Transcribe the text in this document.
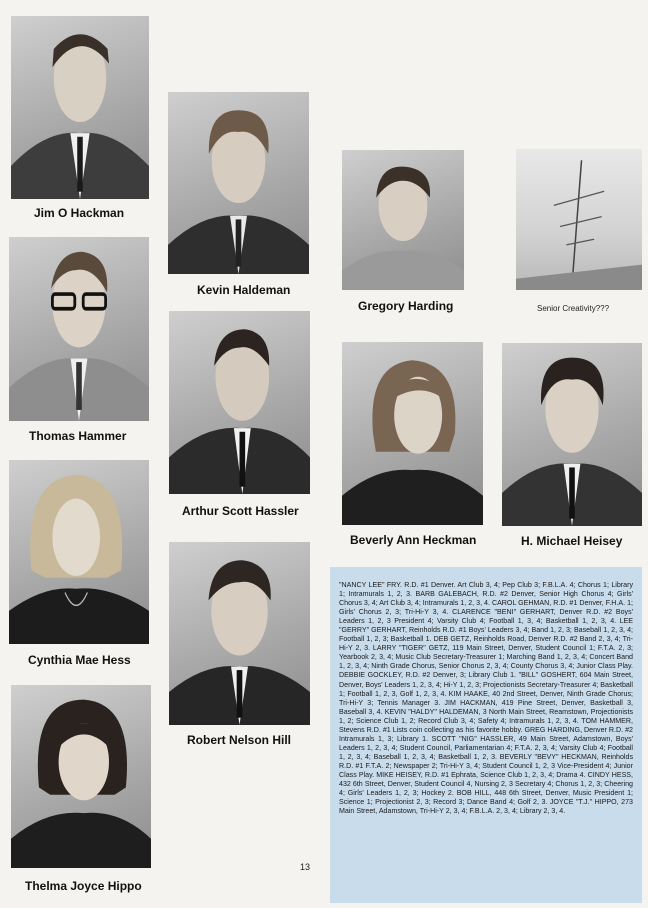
Jim O Hackman
Kevin Haldeman
Gregory Harding	Senior Creativity???
Thomas Hammer
Arthur Scott Hassler
Beverly Ann Heckman	H. Michael Heisey
Cynthia Mae Hess
Robert Nelson Hill
Thelma Joyce Hippo
13

"NANCY LEE" FRY. R.D. #1 Denver. Art Club 3, 4; Pep Club 3; F.B.L.A. 4; Chorus 1; Library 1; Intramurals 1, 2, 3. BARB GALEBACH, R.D. #2 Denver, Senior High Chorus 4; Girls' Chorus 3, 4; Art Club 3, 4; Intramurals 1, 2, 3, 4. CAROL GEHMAN, R.D. #1 Denver, F.H.A. 1; Girls' Chorus 2, 3; Tri-Hi-Y 3, 4. CLARENCE "BENI" GERHART, Denver R.D. #2 Boys' Leaders 1, 2, 3 President 4; Varsity Club 4; Football 1, 3, 4; Basketball 1, 2, 3, 4. LEE "GERRY" GERHART, Reinholds R.D. #1 Boys' Leaders 3, 4; Band 1, 2, 3; Baseball 1, 2, 3, 4; Football 1, 2, 3; Basketball 1. DEB GETZ, Reinholds Road, Denver R.D. #2 Band 2, 3, 4; Tri-Hi-Y 2, 3. LARRY "TIGER" GETZ, 119 Main Street, Denver, Student Council 1; F.T.A. 2, 3; Yearbook 2, 3, 4; Music Club Secretary-Treasurer 1; Marching Band 1, 2, 3, 4; Concert Band 1, 2, 3, 4; Ninth Grade Chorus, Senior Chorus 2, 3, 4; County Chorus 3, 4; Junior Class Play. DEBBIE GOCKLEY, R.D. #2 Denver, 3; Library Club 1. "BILL" GOSHERT, 604 Main Street, Denver, Boys' Leaders 1, 2, 3, 4; Hi-Y 1, 2, 3; Projectionists Secretary-Treasurer 4; Basketball 1; Football 1, 2, 3, Golf 1, 2, 3, 4. KIM HAAKE, 40 2nd Street, Denver, Ninth Grade Chorus; Tri-Hi-Y 3; Tennis Manager 3. JIM HACKMAN, 419 Pine Street, Denver, Basketball 3, Baseball 3, 4. KEVIN "HALDY" HALDEMAN, 3 North Main Street, Reamstown, Projectionists 1, 2; Science Club 1, 2; Record Club 3, 4; Safety 4; Intramurals 1, 2, 3, 4. TOM HAMMER, Stevens R.D. #1 Lists coin collecting as his favorite hobby. GREG HARDING, Denver R.D. #2 Intramurals 1, 3; Library 1. SCOTT "NIG" HASSLER, 49 Main Street, Adamstown, Boys' Leaders 1, 2, 3, 4; Student Council, Parliamentarian 4; F.T.A. 2, 3, 4; Varsity Club 4; Football 1, 2, 3, 4; Baseball 1, 2, 3, 4; Basketball 1, 2, 3. BEVERLY "BEVY" HECKMAN, Reinholds R.D. #1 F.T.A. 2; Newspaper 2; Tri-Hi-Y 3, 4; Student Council 1, 2, 3 Vice-President 4; Junior Class Play. MIKE HEISEY, R.D. #1 Ephrata, Science Club 1, 2, 3, 4; Drama 4. CINDY HESS, 432 6th Street, Denver, Student Council 4, Nursing 2, 3 Secretary 4; Chorus 1, 2, 3; Cheering 4; Girls' Leaders 1, 2, 3; Hockey 2. BOB HILL, 448 6th Street, Denver, Music President 1; Science 1; Projectionist 2, 3; Record 3; Dance Band 4; Golf 2, 3. JOYCE "T.J." HIPPO, 273 Main Street, Adamstown, Tri-Hi-Y 2, 3, 4; F.B.L.A. 2, 3, 4; Library 2, 3, 4.
